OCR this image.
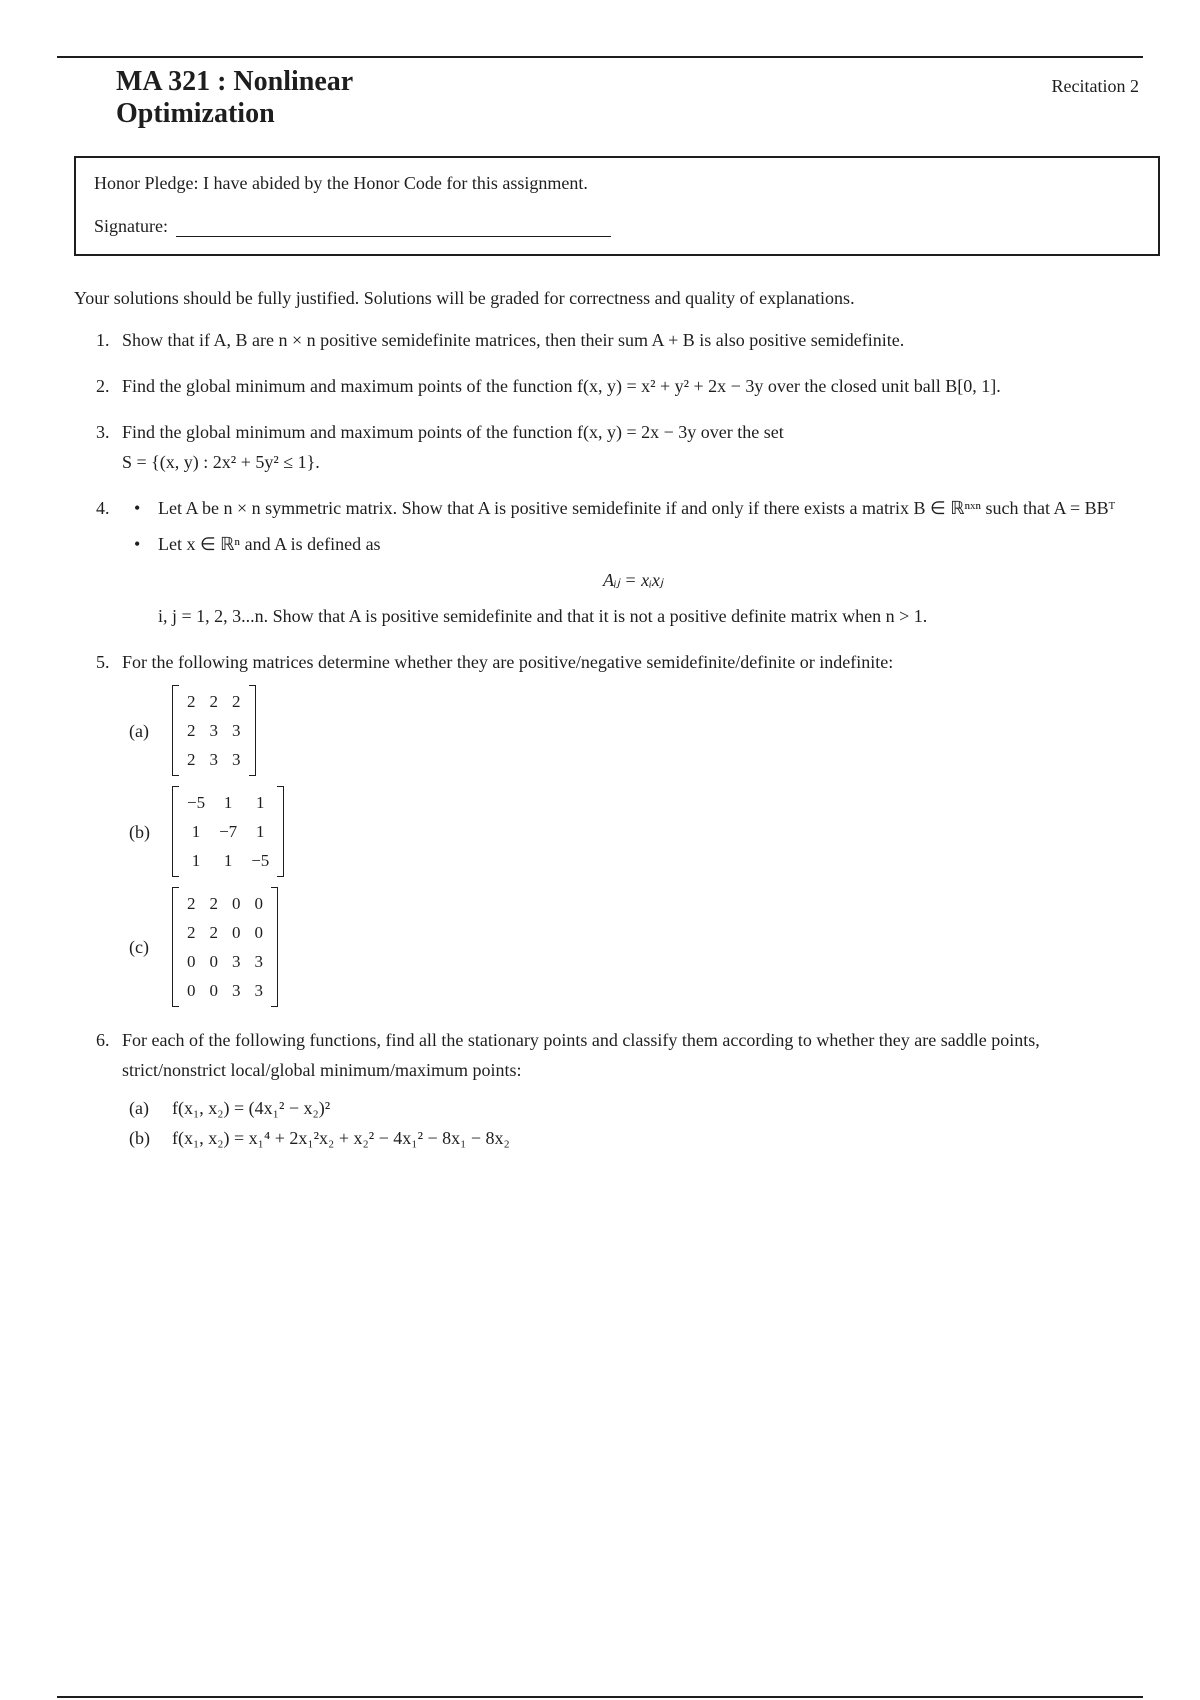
MA 321 : Nonlinear Optimization
Recitation 2
Honor Pledge: I have abided by the Honor Code for this assignment.
Signature:
Your solutions should be fully justified. Solutions will be graded for correctness and quality of explanations.
1. Show that if A, B are n × n positive semidefinite matrices, then their sum A + B is also positive semidefinite.
2. Find the global minimum and maximum points of the function f(x, y) = x² + y² + 2x − 3y over the closed unit ball B[0, 1].
3. Find the global minimum and maximum points of the function f(x, y) = 2x − 3y over the set
S = {(x, y) : 2x² + 5y² ≤ 1}.
4. • Let A be n × n symmetric matrix. Show that A is positive semidefinite if and only if there exists a matrix B ∈ ℝⁿˣⁿ such that A = BBᵀ
• Let x ∈ ℝⁿ and A is defined as
Aᵢⱼ = xᵢxⱼ
i, j = 1, 2, 3...n. Show that A is positive semidefinite and that it is not a positive definite matrix when n > 1.
5. For the following matrices determine whether they are positive/negative semidefinite/definite or indefinite:
(a)
2	2	2
2	3	3
2	3	3
(b)
−5	1	1
1	−7	1
1	1	−5
(c)
2	2	0	0
2	2	0	0
0	0	3	3
0	0	3	3
6. For each of the following functions, find all the stationary points and classify them according to whether they are saddle points, strict/nonstrict local/global minimum/maximum points:
(a) f(x₁, x₂) = (4x₁² − x₂)²
(b) f(x₁, x₂) = x₁⁴ + 2x₁²x₂ + x₂² − 4x₁² − 8x₁ − 8x₂
